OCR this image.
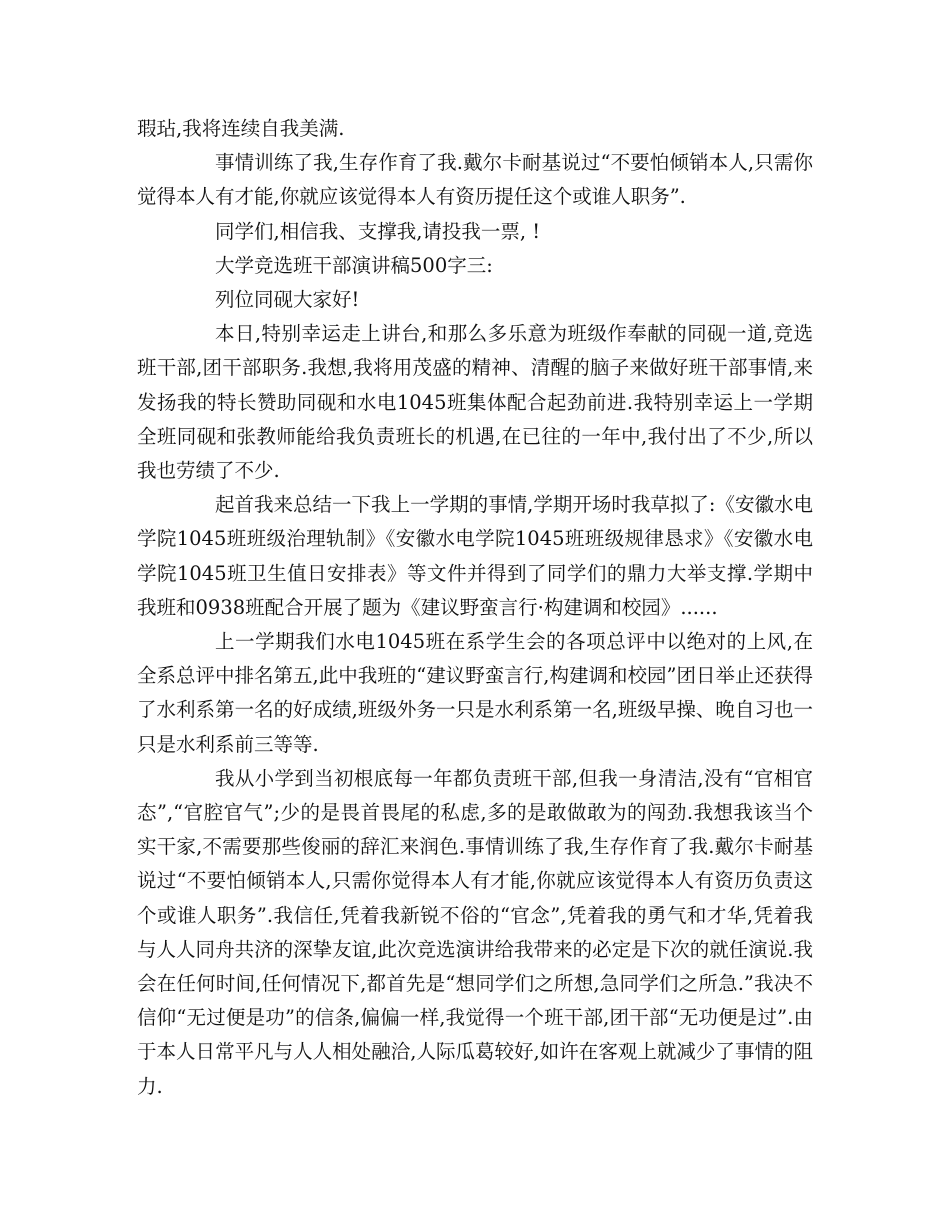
瑕玷,我将连续自我美满.

事情训练了我,生存作育了我.戴尔卡耐基说过“不要怕倾销本人,只需你觉得本人有才能,你就应该觉得本人有资历提任这个或谁人职务”.

同学们,相信我、支撑我,请投我一票, !

大学竞选班干部演讲稿500字三:

列位同砚大家好!

本日,特别幸运走上讲台,和那么多乐意为班级作奉献的同砚一道,竞选班干部,团干部职务.我想,我将用茂盛的精神、清醒的脑子来做好班干部事情,来发扬我的特长赞助同砚和水电1045班集体配合起劲前进.我特别幸运上一学期全班同砚和张教师能给我负责班长的机遇,在已往的一年中,我付出了不少,所以我也劳绩了不少.

起首我来总结一下我上一学期的事情,学期开场时我草拟了:《安徽水电学院1045班班级治理轨制》《安徽水电学院1045班班级规律恳求》《安徽水电学院1045班卫生值日安排表》等文件并得到了同学们的鼎力大举支撑.学期中我班和0938班配合开展了题为《建议野蛮言行·构建调和校园》......

上一学期我们水电1045班在系学生会的各项总评中以绝对的上风,在全系总评中排名第五,此中我班的“建议野蛮言行,构建调和校园”团日举止还获得了水利系第一名的好成绩,班级外务一只是水利系第一名,班级早操、晚自习也一只是水利系前三等等.

我从小学到当初根底每一年都负责班干部,但我一身清洁,没有“官相官态”,“官腔官气”;少的是畏首畏尾的私虑,多的是敢做敢为的闯劲.我想我该当个实干家,不需要那些俊丽的辞汇来润色.事情训练了我,生存作育了我.戴尔卡耐基说过“不要怕倾销本人,只需你觉得本人有才能,你就应该觉得本人有资历负责这个或谁人职务”.我信任,凭着我新锐不俗的“官念”,凭着我的勇气和才华,凭着我与人人同舟共济的深挚友谊,此次竞选演讲给我带来的必定是下次的就任演说.我会在任何时间,任何情况下,都首先是“想同学们之所想,急同学们之所急.”我决不信仰“无过便是功”的信条,偏偏一样,我觉得一个班干部,团干部“无功便是过”.由于本人日常平凡与人人相处融洽,人际瓜葛较好,如许在客观上就减少了事情的阻力.
